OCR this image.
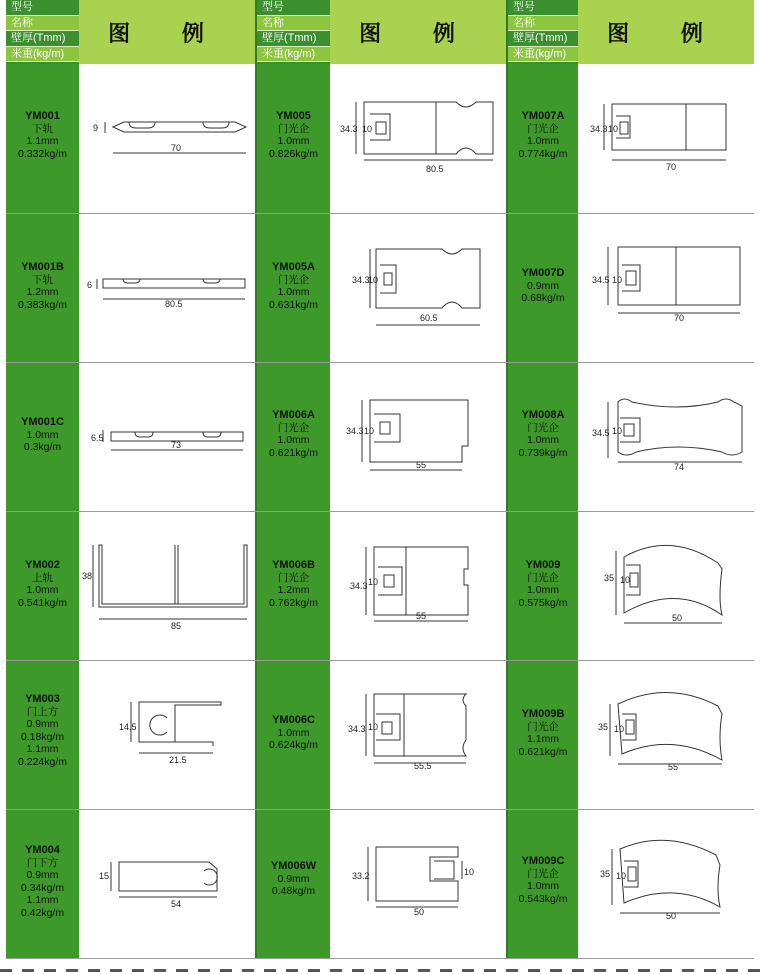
型号
名称
壁厚(Tmm)
米重(kg/m)
图 例
型号
名称
壁厚(Tmm)
米重(kg/m)
图 例
型号
名称
壁厚(Tmm)
米重(kg/m)
图 例
YM001
下轨
1.1mm
0.332kg/m
YM001B
下轨
1.2mm
0.383kg/m
YM001C
1.0mm
0.3kg/m
YM002
上轨
1.0mm
0.541kg/m
YM003
门上方
0.9mm
0.18kg/m
1.1mm
0.224kg/m
YM004
门下方
0.9mm
0.34kg/m
1.1mm
0.42kg/m
YM005
门光企
1.0mm
0.826kg/m
YM005A
门光企
1.0mm
0.631kg/m
YM006A
门光企
1.0mm
0.621kg/m
YM006B
门光企
1.2mm
0.762kg/m
YM006C
1.0mm
0.624kg/m
YM006W
0.9mm
0.48kg/m
YM007A
门光企
1.0mm
0.774kg/m
YM007D
0.9mm
0.68kg/m
YM008A
门光企
1.0mm
0.739kg/m
YM009
门光企
1.0mm
0.575kg/m
YM009B
门光企
1.1mm
0.621kg/m
YM009C
门光企
1.0mm
0.543kg/m
9
70
6
80.5
6.5
73
38
85
14.5
21.5
15
54
34.3 10
80.5
34.3
10
60.5
34.3 10
55
34.3 10
55
34.3 10
55.5
33.2	10
50
34.3 10
70
34.5 10
70
34.5 10
74
35 10
50
35 10
55
35 10
50
